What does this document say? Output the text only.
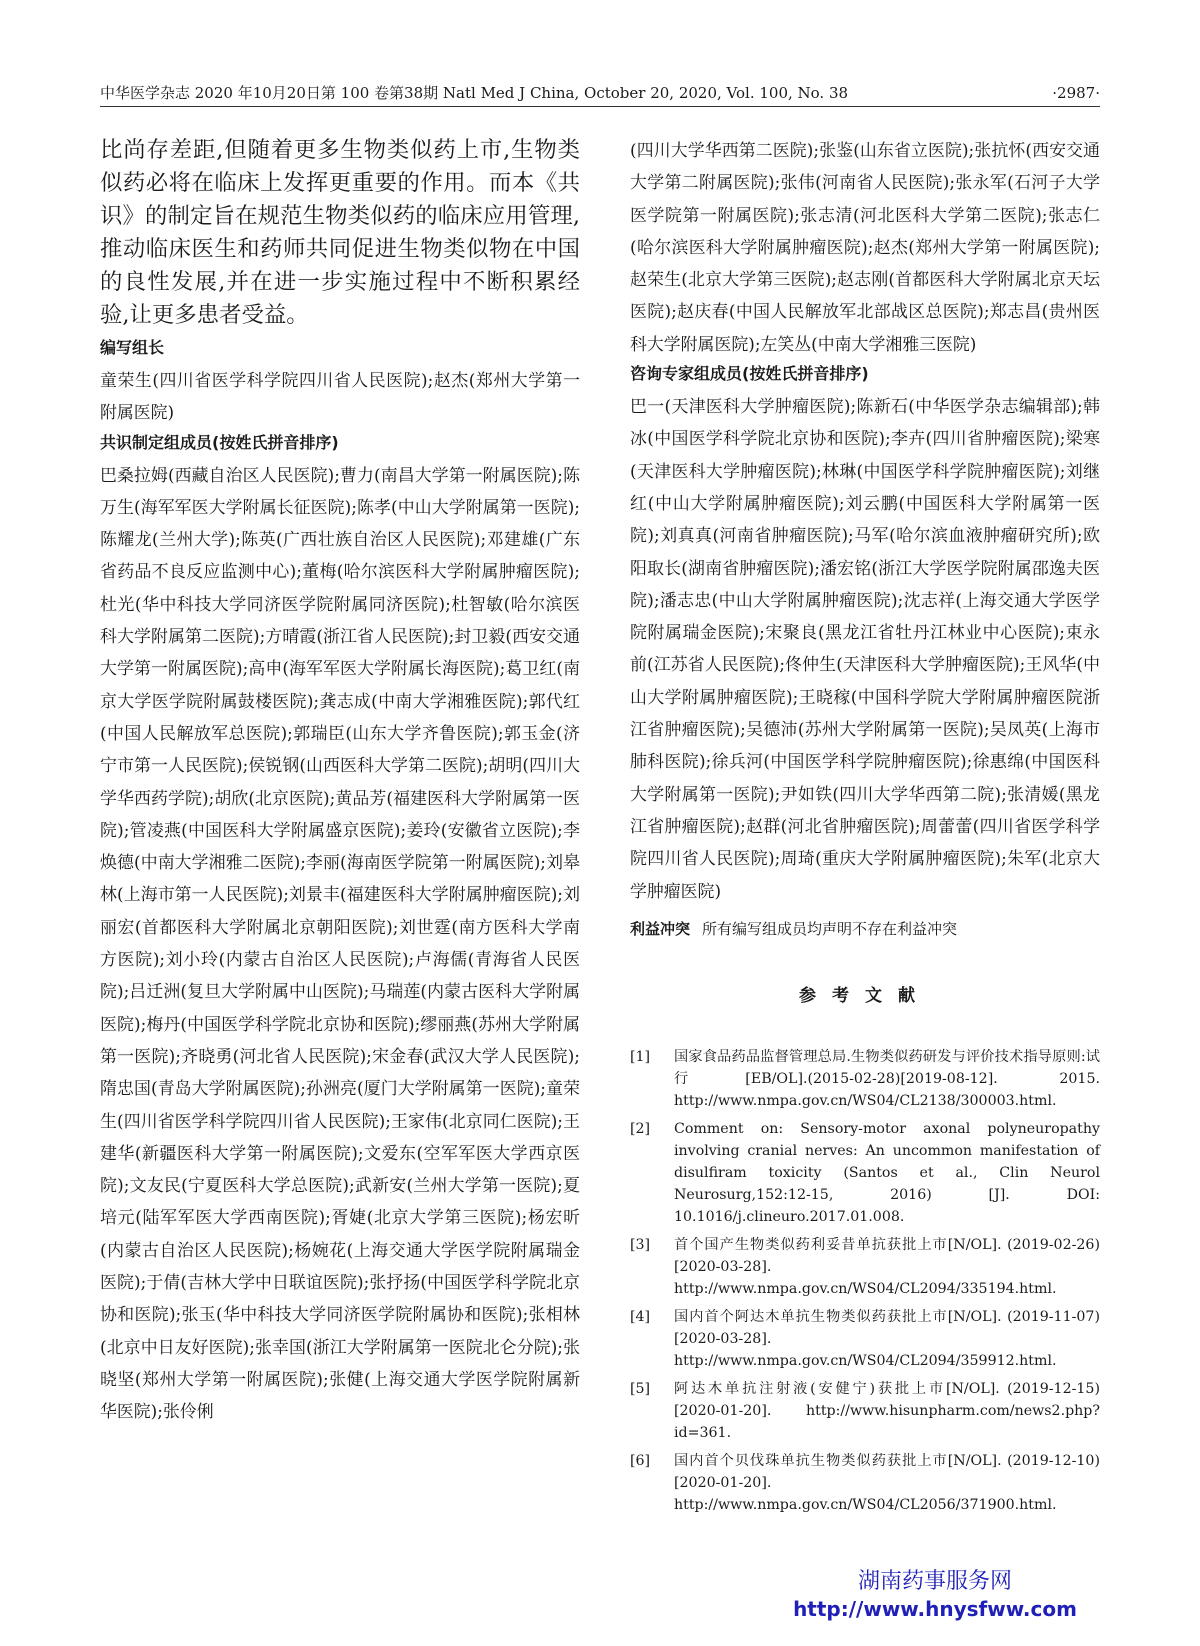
中华医学杂志 2020 年10月20日第 100 卷第38期 Natl Med J China, October 20, 2020, Vol. 100, No. 38	·2987·

比尚存差距,但随着更多生物类似药上市,生物类似药必将在临床上发挥更重要的作用。而本《共识》的制定旨在规范生物类似药的临床应用管理,推动临床医生和药师共同促进生物类似物在中国的良性发展,并在进一步实施过程中不断积累经验,让更多患者受益。

编写组长

童荣生(四川省医学科学院四川省人民医院);赵杰(郑州大学第一附属医院)

共识制定组成员(按姓氏拼音排序)

巴桑拉姆(西藏自治区人民医院);曹力(南昌大学第一附属医院);陈万生(海军军医大学附属长征医院);陈孝(中山大学附属第一医院);陈耀龙(兰州大学);陈英(广西壮族自治区人民医院);邓建雄(广东省药品不良反应监测中心);董梅(哈尔滨医科大学附属肿瘤医院);杜光(华中科技大学同济医学院附属同济医院);杜智敏(哈尔滨医科大学附属第二医院);方晴霞(浙江省人民医院);封卫毅(西安交通大学第一附属医院);高申(海军军医大学附属长海医院);葛卫红(南京大学医学院附属鼓楼医院);龚志成(中南大学湘雅医院);郭代红(中国人民解放军总医院);郭瑞臣(山东大学齐鲁医院);郭玉金(济宁市第一人民医院);侯锐钢(山西医科大学第二医院);胡明(四川大学华西药学院);胡欣(北京医院);黄品芳(福建医科大学附属第一医院);管凌燕(中国医科大学附属盛京医院);姜玲(安徽省立医院);李焕德(中南大学湘雅二医院);李丽(海南医学院第一附属医院);刘皋林(上海市第一人民医院);刘景丰(福建医科大学附属肿瘤医院);刘丽宏(首都医科大学附属北京朝阳医院);刘世霆(南方医科大学南方医院);刘小玲(内蒙古自治区人民医院);卢海儒(青海省人民医院);吕迁洲(复旦大学附属中山医院);马瑞莲(内蒙古医科大学附属医院);梅丹(中国医学科学院北京协和医院);缪丽燕(苏州大学附属第一医院);齐晓勇(河北省人民医院);宋金春(武汉大学人民医院);隋忠国(青岛大学附属医院);孙洲亮(厦门大学附属第一医院);童荣生(四川省医学科学院四川省人民医院);王家伟(北京同仁医院);王建华(新疆医科大学第一附属医院);文爱东(空军军医大学西京医院);文友民(宁夏医科大学总医院);武新安(兰州大学第一医院);夏培元(陆军军医大学西南医院);胥婕(北京大学第三医院);杨宏昕(内蒙古自治区人民医院);杨婉花(上海交通大学医学院附属瑞金医院);于倩(吉林大学中日联谊医院);张抒扬(中国医学科学院北京协和医院);张玉(华中科技大学同济医学院附属协和医院);张相林(北京中日友好医院);张幸国(浙江大学附属第一医院北仑分院);张晓坚(郑州大学第一附属医院);张健(上海交通大学医学院附属新华医院);张伶俐

(四川大学华西第二医院);张鉴(山东省立医院);张抗怀(西安交通大学第二附属医院);张伟(河南省人民医院);张永军(石河子大学医学院第一附属医院);张志清(河北医科大学第二医院);张志仁(哈尔滨医科大学附属肿瘤医院);赵杰(郑州大学第一附属医院);赵荣生(北京大学第三医院);赵志刚(首都医科大学附属北京天坛医院);赵庆春(中国人民解放军北部战区总医院);郑志昌(贵州医科大学附属医院);左笑丛(中南大学湘雅三医院)

咨询专家组成员(按姓氏拼音排序)

巴一(天津医科大学肿瘤医院);陈新石(中华医学杂志编辑部);韩冰(中国医学科学院北京协和医院);李卉(四川省肿瘤医院);梁寒(天津医科大学肿瘤医院);林琳(中国医学科学院肿瘤医院);刘继红(中山大学附属肿瘤医院);刘云鹏(中国医科大学附属第一医院);刘真真(河南省肿瘤医院);马军(哈尔滨血液肿瘤研究所);欧阳取长(湖南省肿瘤医院);潘宏铭(浙江大学医学院附属邵逸夫医院);潘志忠(中山大学附属肿瘤医院);沈志祥(上海交通大学医学院附属瑞金医院);宋聚良(黑龙江省牡丹江林业中心医院);束永前(江苏省人民医院);佟仲生(天津医科大学肿瘤医院);王风华(中山大学附属肿瘤医院);王晓稼(中国科学院大学附属肿瘤医院浙江省肿瘤医院);吴德沛(苏州大学附属第一医院);吴凤英(上海市肺科医院);徐兵河(中国医学科学院肿瘤医院);徐惠绵(中国医科大学附属第一医院);尹如铁(四川大学华西第二院);张清媛(黑龙江省肿瘤医院);赵群(河北省肿瘤医院);周蕾蕾(四川省医学科学院四川省人民医院);周琦(重庆大学附属肿瘤医院);朱军(北京大学肿瘤医院)

利益冲突 所有编写组成员均声明不存在利益冲突

参考文献
[1] 国家食品药品监督管理总局.生物类似药研发与评价技术指导原则:试行[EB/OL].(2015-02-28)[2019-08-12]. 2015. http://www.nmpa.gov.cn/WS04/CL2138/300003.html.
[2] Comment on: Sensory-motor axonal polyneuropathy involving cranial nerves: An uncommon manifestation of disulfiram toxicity (Santos et al., Clin Neurol Neurosurg,152:12-15, 2016) [J]. DOI: 10.1016/j.clineuro.2017.01.008.
[3] 首个国产生物类似药利妥昔单抗获批上市[N/OL]. (2019-02-26)[2020-03-28]. http://www.nmpa.gov.cn/WS04/CL2094/335194.html.
[4] 国内首个阿达木单抗生物类似药获批上市[N/OL]. (2019-11-07)[2020-03-28]. http://www.nmpa.gov.cn/WS04/CL2094/359912.html.
[5] 阿达木单抗注射液(安健宁)获批上市[N/OL]. (2019-12-15) [2020-01-20]. http://www.hisunpharm.com/news2.php?id=361.
[6] 国内首个贝伐珠单抗生物类似药获批上市[N/OL]. (2019-12-10)[2020-01-20]. http://www.nmpa.gov.cn/WS04/CL2056/371900.html.
湖南药事服务网
http://www.hnysfww.com
